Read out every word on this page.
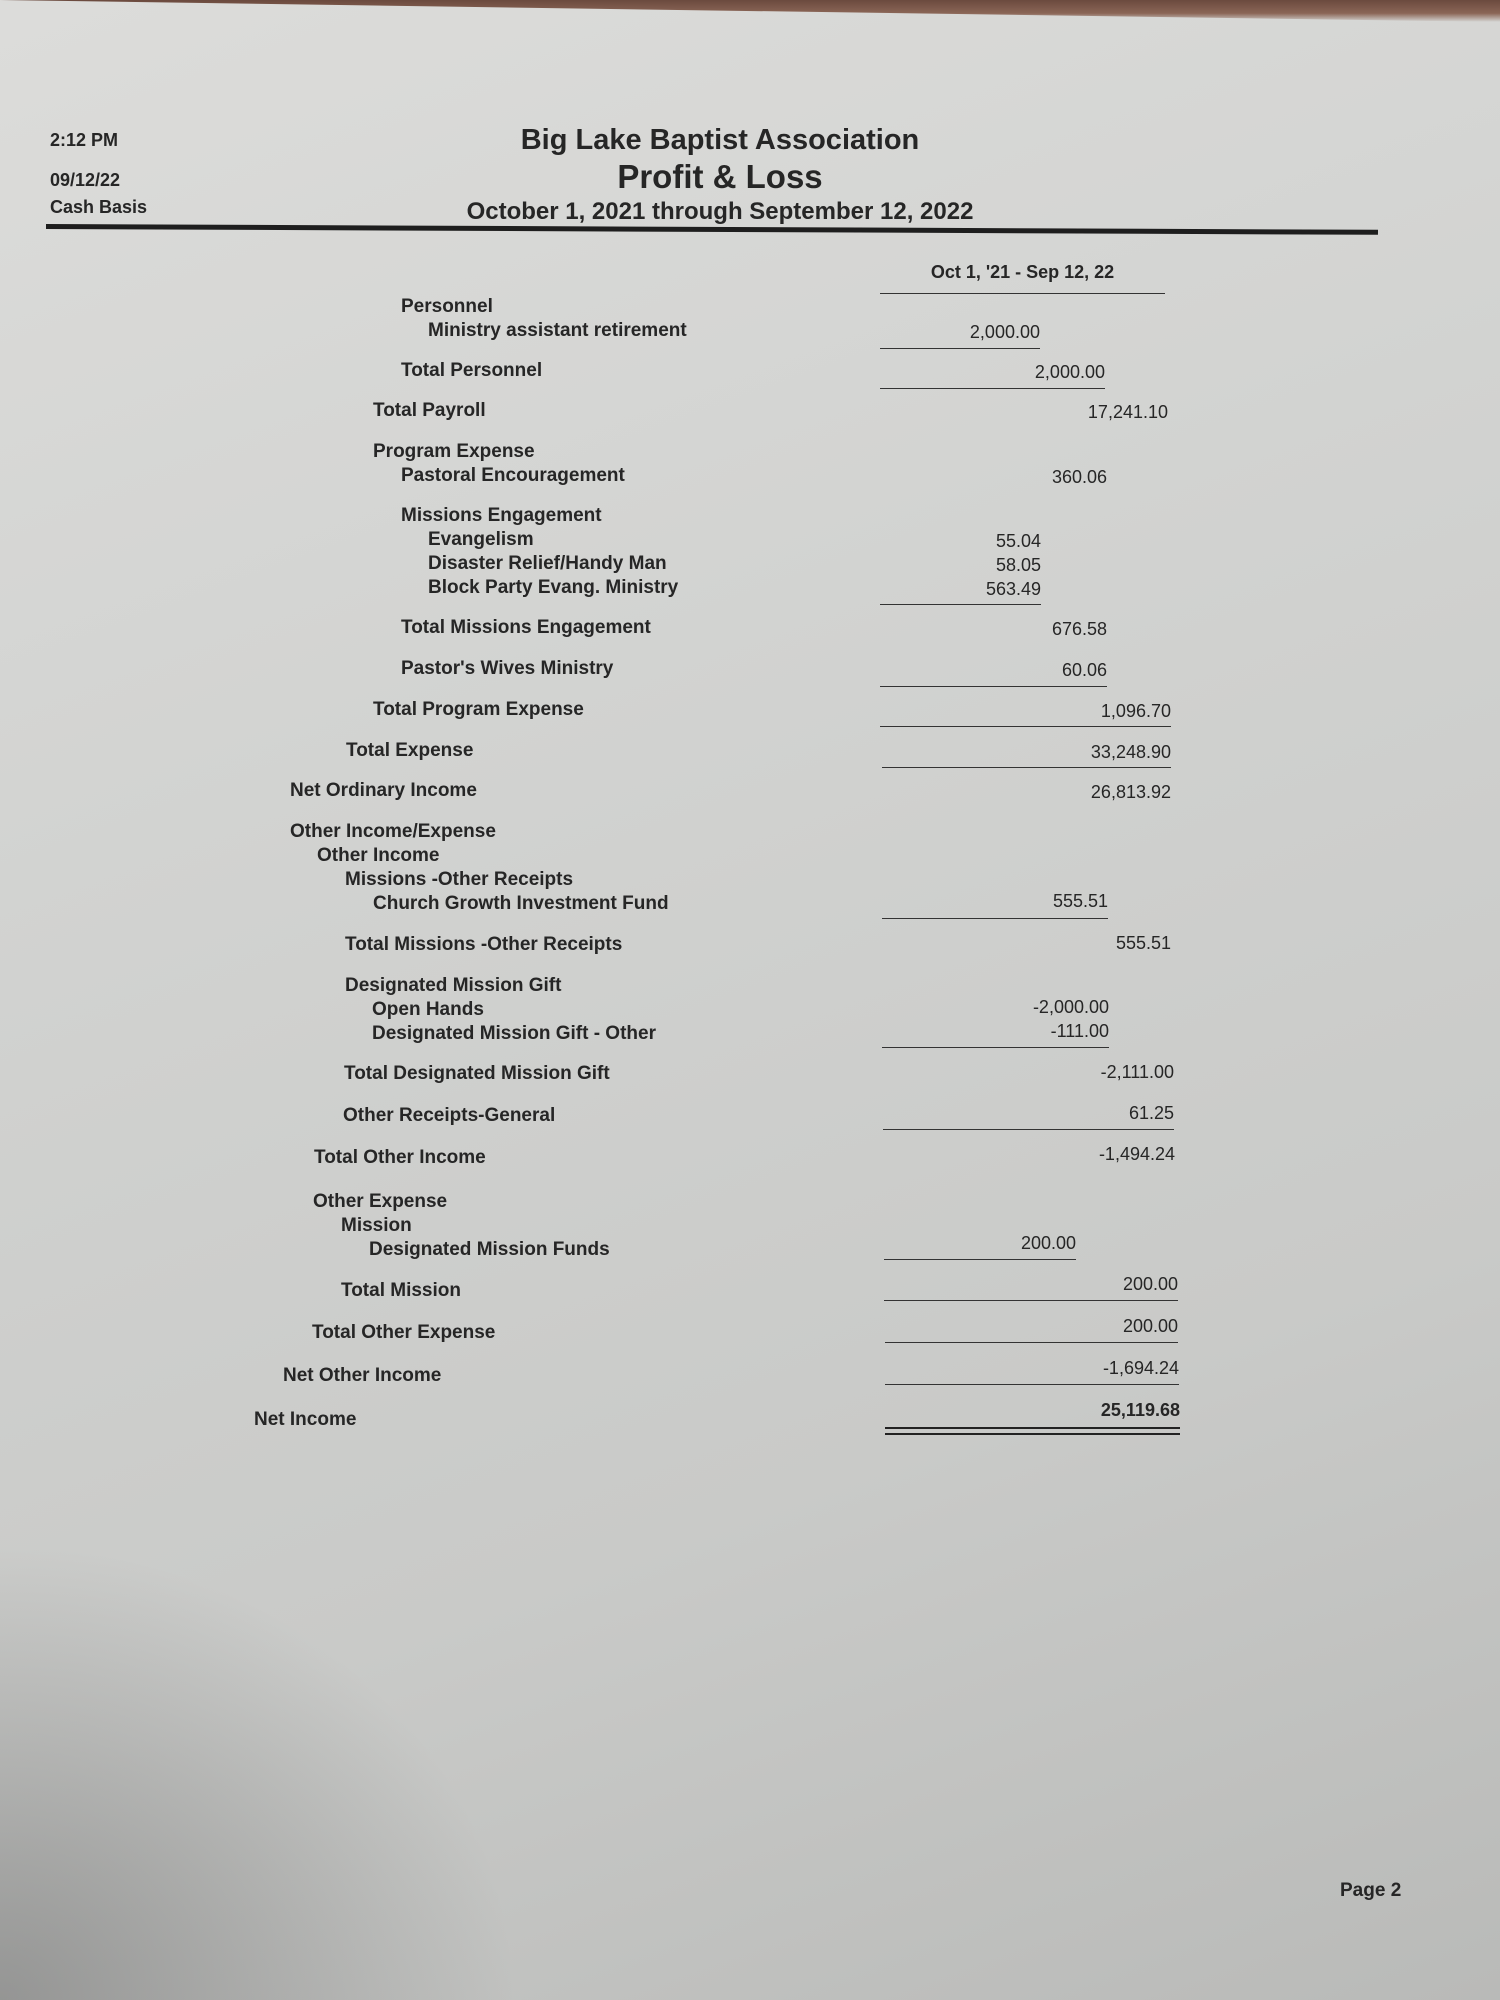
2:12 PM
09/12/22
Cash Basis
Big Lake Baptist Association
Profit & Loss
October 1, 2021 through September 12, 2022
Oct 1, '21 - Sep 12, 22
Personnel
Ministry assistant retirement
Total Personnel
Total Payroll
Program Expense
Pastoral Encouragement
Missions Engagement
Evangelism
Disaster Relief/Handy Man
Block Party Evang. Ministry
Total Missions Engagement
Pastor's Wives Ministry
Total Program Expense
Total Expense
Net Ordinary Income
Other Income/Expense
Other Income
Missions -Other Receipts
Church Growth Investment Fund
Total Missions -Other Receipts
Designated Mission Gift
Open Hands
Designated Mission Gift - Other
Total Designated Mission Gift
Other Receipts-General
Total Other Income
Other Expense
Mission
Designated Mission Funds
Total Mission
Total Other Expense
Net Other Income
Net Income
2,000.00
2,000.00
17,241.10
360.06
55.04
58.05
563.49
676.58
60.06
1,096.70
33,248.90
26,813.92
555.51
555.51
-2,000.00
-111.00
-2,111.00
61.25
-1,494.24
200.00
200.00
200.00
-1,694.24
25,119.68
Page 2
